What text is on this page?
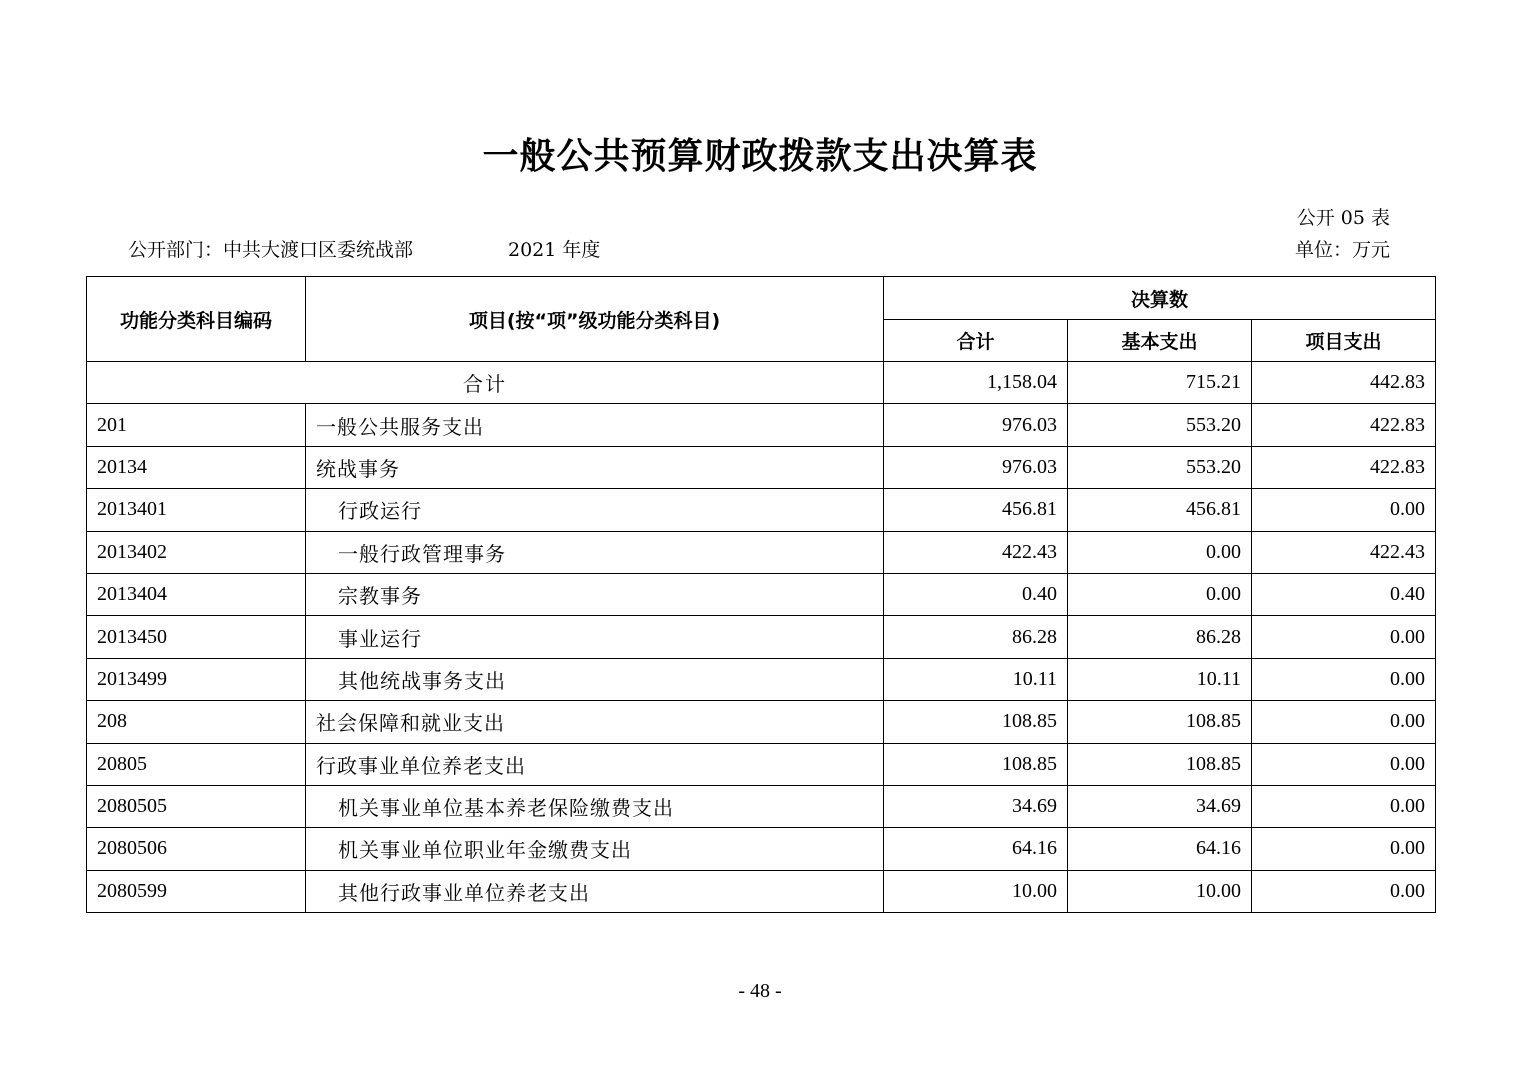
一般公共预算财政拨款支出决算表
公开 05 表
公开部门：中共大渡口区委统战部	2021 年度	单位：万元
功能分类科目编码	项目(按“项”级功能分类科目)	决算数		
		合计	基本支出	项目支出
合计		1,158.04	715.21	442.83
201	一般公共服务支出	976.03	553.20	422.83
20134	统战事务	976.03	553.20	422.83
2013401	行政运行	456.81	456.81	0.00
2013402	一般行政管理事务	422.43	0.00	422.43
2013404	宗教事务	0.40	0.00	0.40
2013450	事业运行	86.28	86.28	0.00
2013499	其他统战事务支出	10.11	10.11	0.00
208	社会保障和就业支出	108.85	108.85	0.00
20805	行政事业单位养老支出	108.85	108.85	0.00
2080505	机关事业单位基本养老保险缴费支出	34.69	34.69	0.00
2080506	机关事业单位职业年金缴费支出	64.16	64.16	0.00
2080599	其他行政事业单位养老支出	10.00	10.00	0.00
- 48 -
